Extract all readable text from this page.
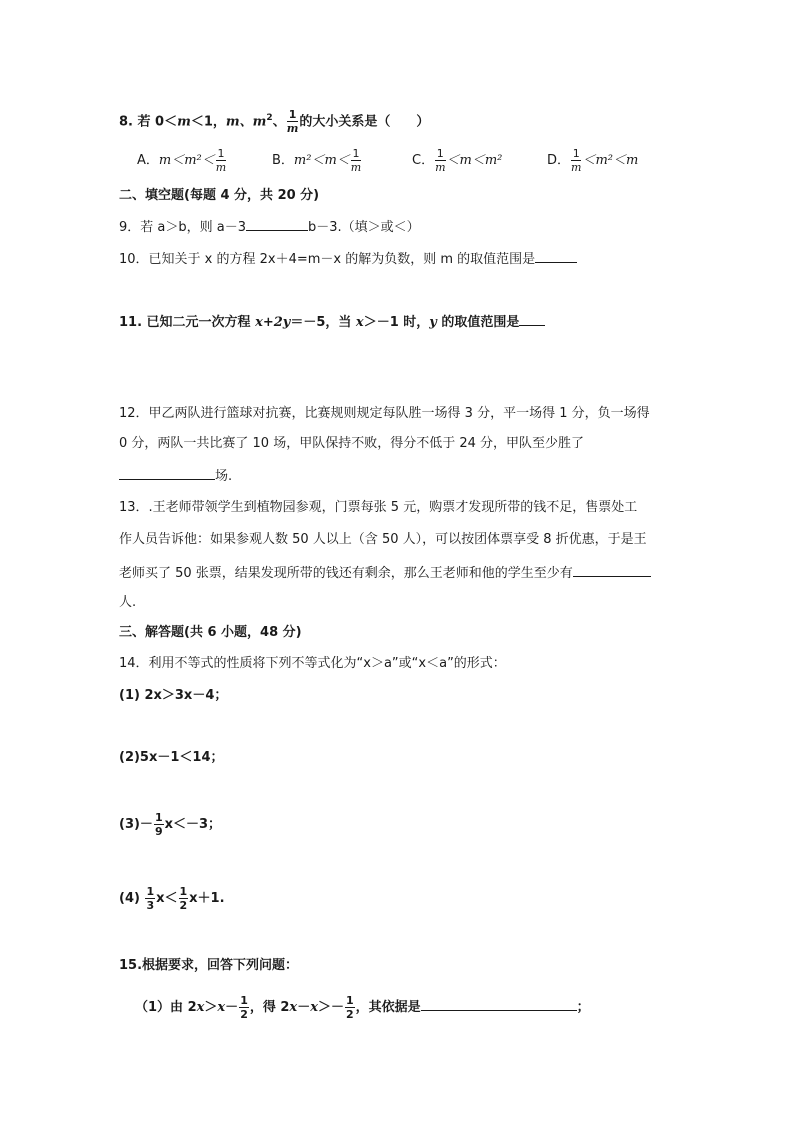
8. 若 0＜m＜1，m、$m^2$、 $\frac{1}{m}$ 的大小关系是（　　）
A．$m<m^2< \frac{1}{m}$	B．$m^2<m< \frac{1}{m}$	C． $\frac{1}{m} <m<m^2$	D． $\frac{1}{m} <m^2<m$
二、填空题(每题 4 分，共 20 分)
9．若 a＞b，则 a－3	b－3.（填＞或＜）
10．已知关于 x 的方程 2x＋4=m－x 的解为负数，则 m 的取值范围是
11. 已知二元一次方程 x+2y＝－5，当 x＞－1 时，y 的取值范围是
12．甲乙两队进行篮球对抗赛，比赛规则规定每队胜一场得 3 分，平一场得 1 分，负一场得
0 分，两队一共比赛了 10 场，甲队保持不败，得分不低于 24 分，甲队至少胜了
场.
13．.王老师带领学生到植物园参观，门票每张 5 元，购票才发现所带的钱不足，售票处工
作人员告诉他：如果参观人数 50 人以上（含 50 人），可以按团体票享受 8 折优惠，于是王
老师买了 50 张票，结果发现所带的钱还有剩余，那么王老师和他的学生至少有
人.
三、解答题(共 6 小题，48 分)
14．利用不等式的性质将下列不等式化为“x＞a”或“x＜a”的形式：
(1) 2x＞3x－4；
(2)5x－1＜14；
$(3)- \frac{1}{9} x<-3$；
$(4) \frac{1}{3} x< \frac{1}{2} x+1$.
15.根据要求，回答下列问题：
（1）由 $2x>x- \frac{1}{2}$ ，得 $2x-x>- \frac{1}{2}$ ，其依据是	；
